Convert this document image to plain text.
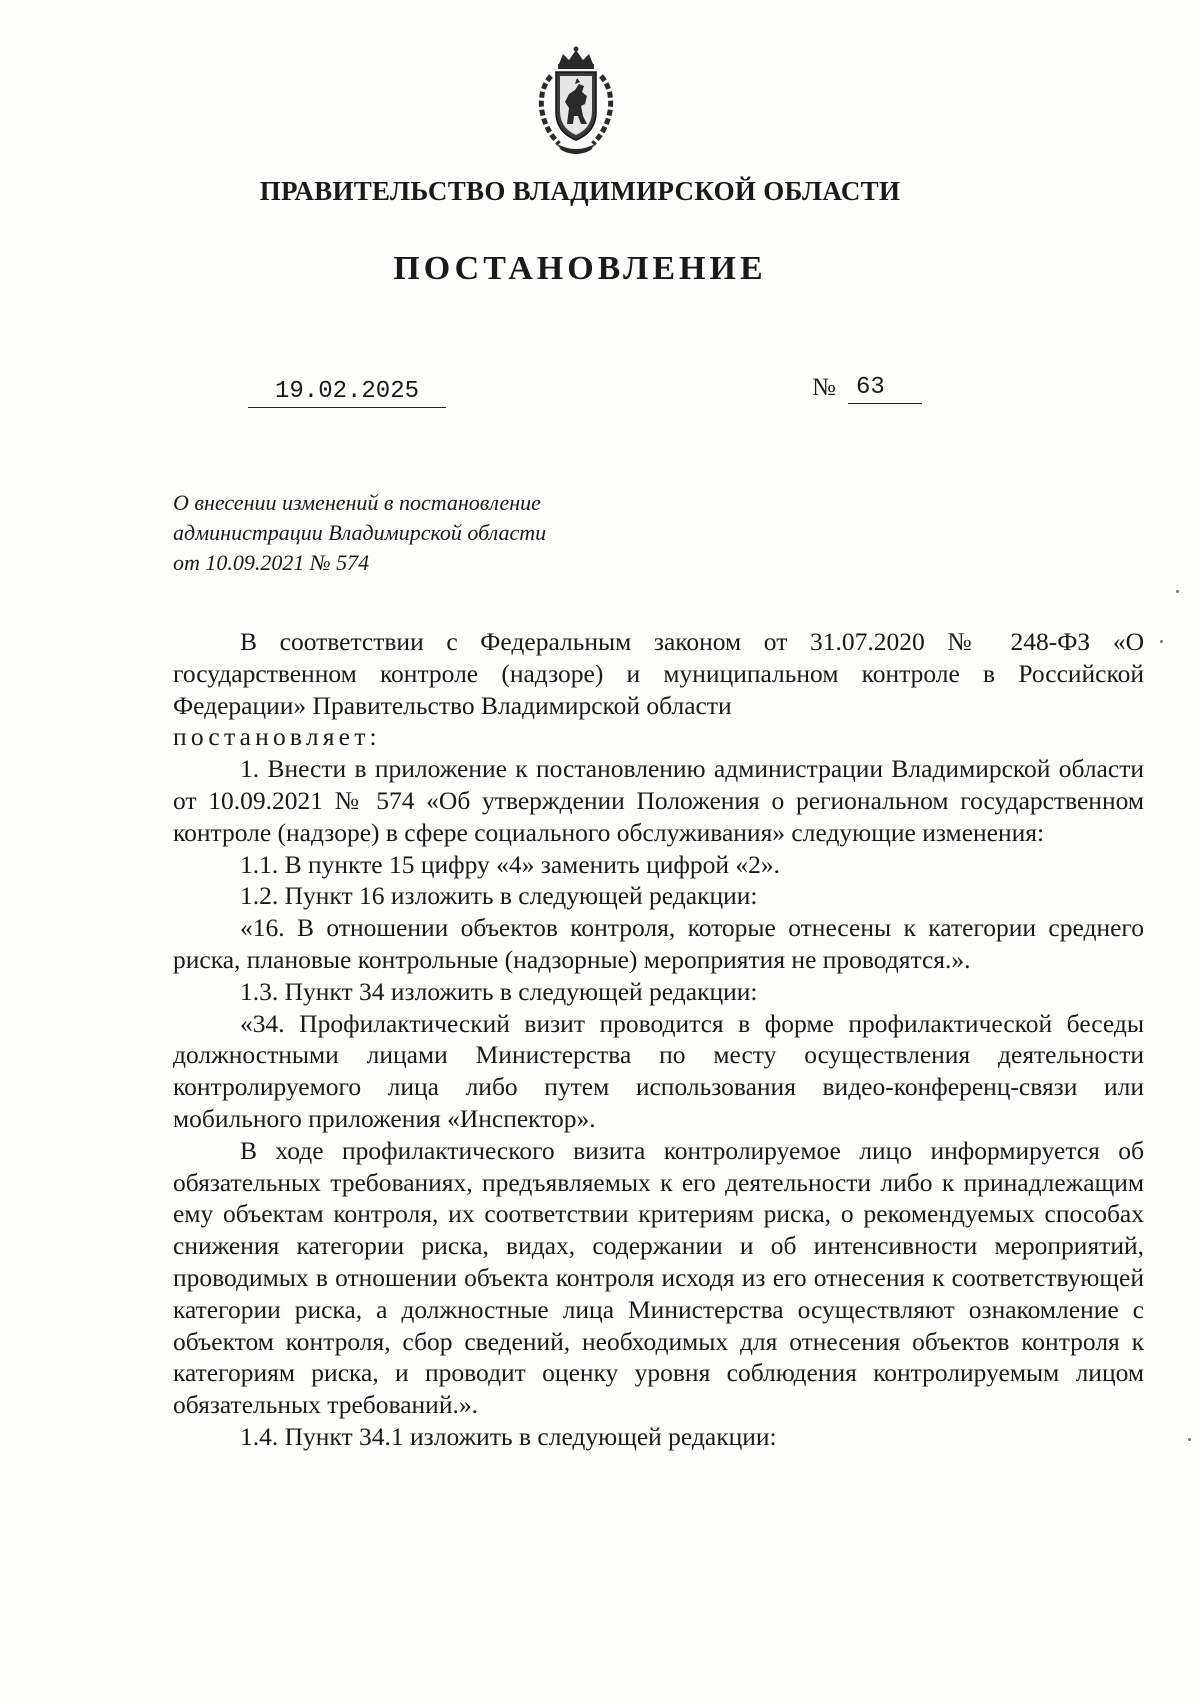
ПРАВИТЕЛЬСТВО ВЛАДИМИРСКОЙ ОБЛАСТИ
ПОСТАНОВЛЕНИЕ
19.02.2025	№ 63
О внесении изменений в постановление
администрации Владимирской области
от 10.09.2021 № 574

В соответствии с Федеральным законом от 31.07.2020 № 248-ФЗ «О государственном контроле (надзоре) и муниципальном контроле в Российской Федерации» Правительство Владимирской области

постановляет:

1. Внести в приложение к постановлению администрации Владимирской области от 10.09.2021 № 574 «Об утверждении Положения о региональном государственном контроле (надзоре) в сфере социального обслуживания» следующие изменения:

1.1. В пункте 15 цифру «4» заменить цифрой «2».

1.2. Пункт 16 изложить в следующей редакции:

«16. В отношении объектов контроля, которые отнесены к категории среднего риска, плановые контрольные (надзорные) мероприятия не проводятся.».

1.3. Пункт 34 изложить в следующей редакции:

«34. Профилактический визит проводится в форме профилактической беседы должностными лицами Министерства по месту осуществления деятельности контролируемого лица либо путем использования видео-конференц-связи или мобильного приложения «Инспектор».

В ходе профилактического визита контролируемое лицо информируется об обязательных требованиях, предъявляемых к его деятельности либо к принадлежащим ему объектам контроля, их соответствии критериям риска, о рекомендуемых способах снижения категории риска, видах, содержании и об интенсивности мероприятий, проводимых в отношении объекта контроля исходя из его отнесения к соответствующей категории риска, а должностные лица Министерства осуществляют ознакомление с объектом контроля, сбор сведений, необходимых для отнесения объектов контроля к категориям риска, и проводит оценку уровня соблюдения контролируемым лицом обязательных требований.».

1.4. Пункт 34.1 изложить в следующей редакции:
